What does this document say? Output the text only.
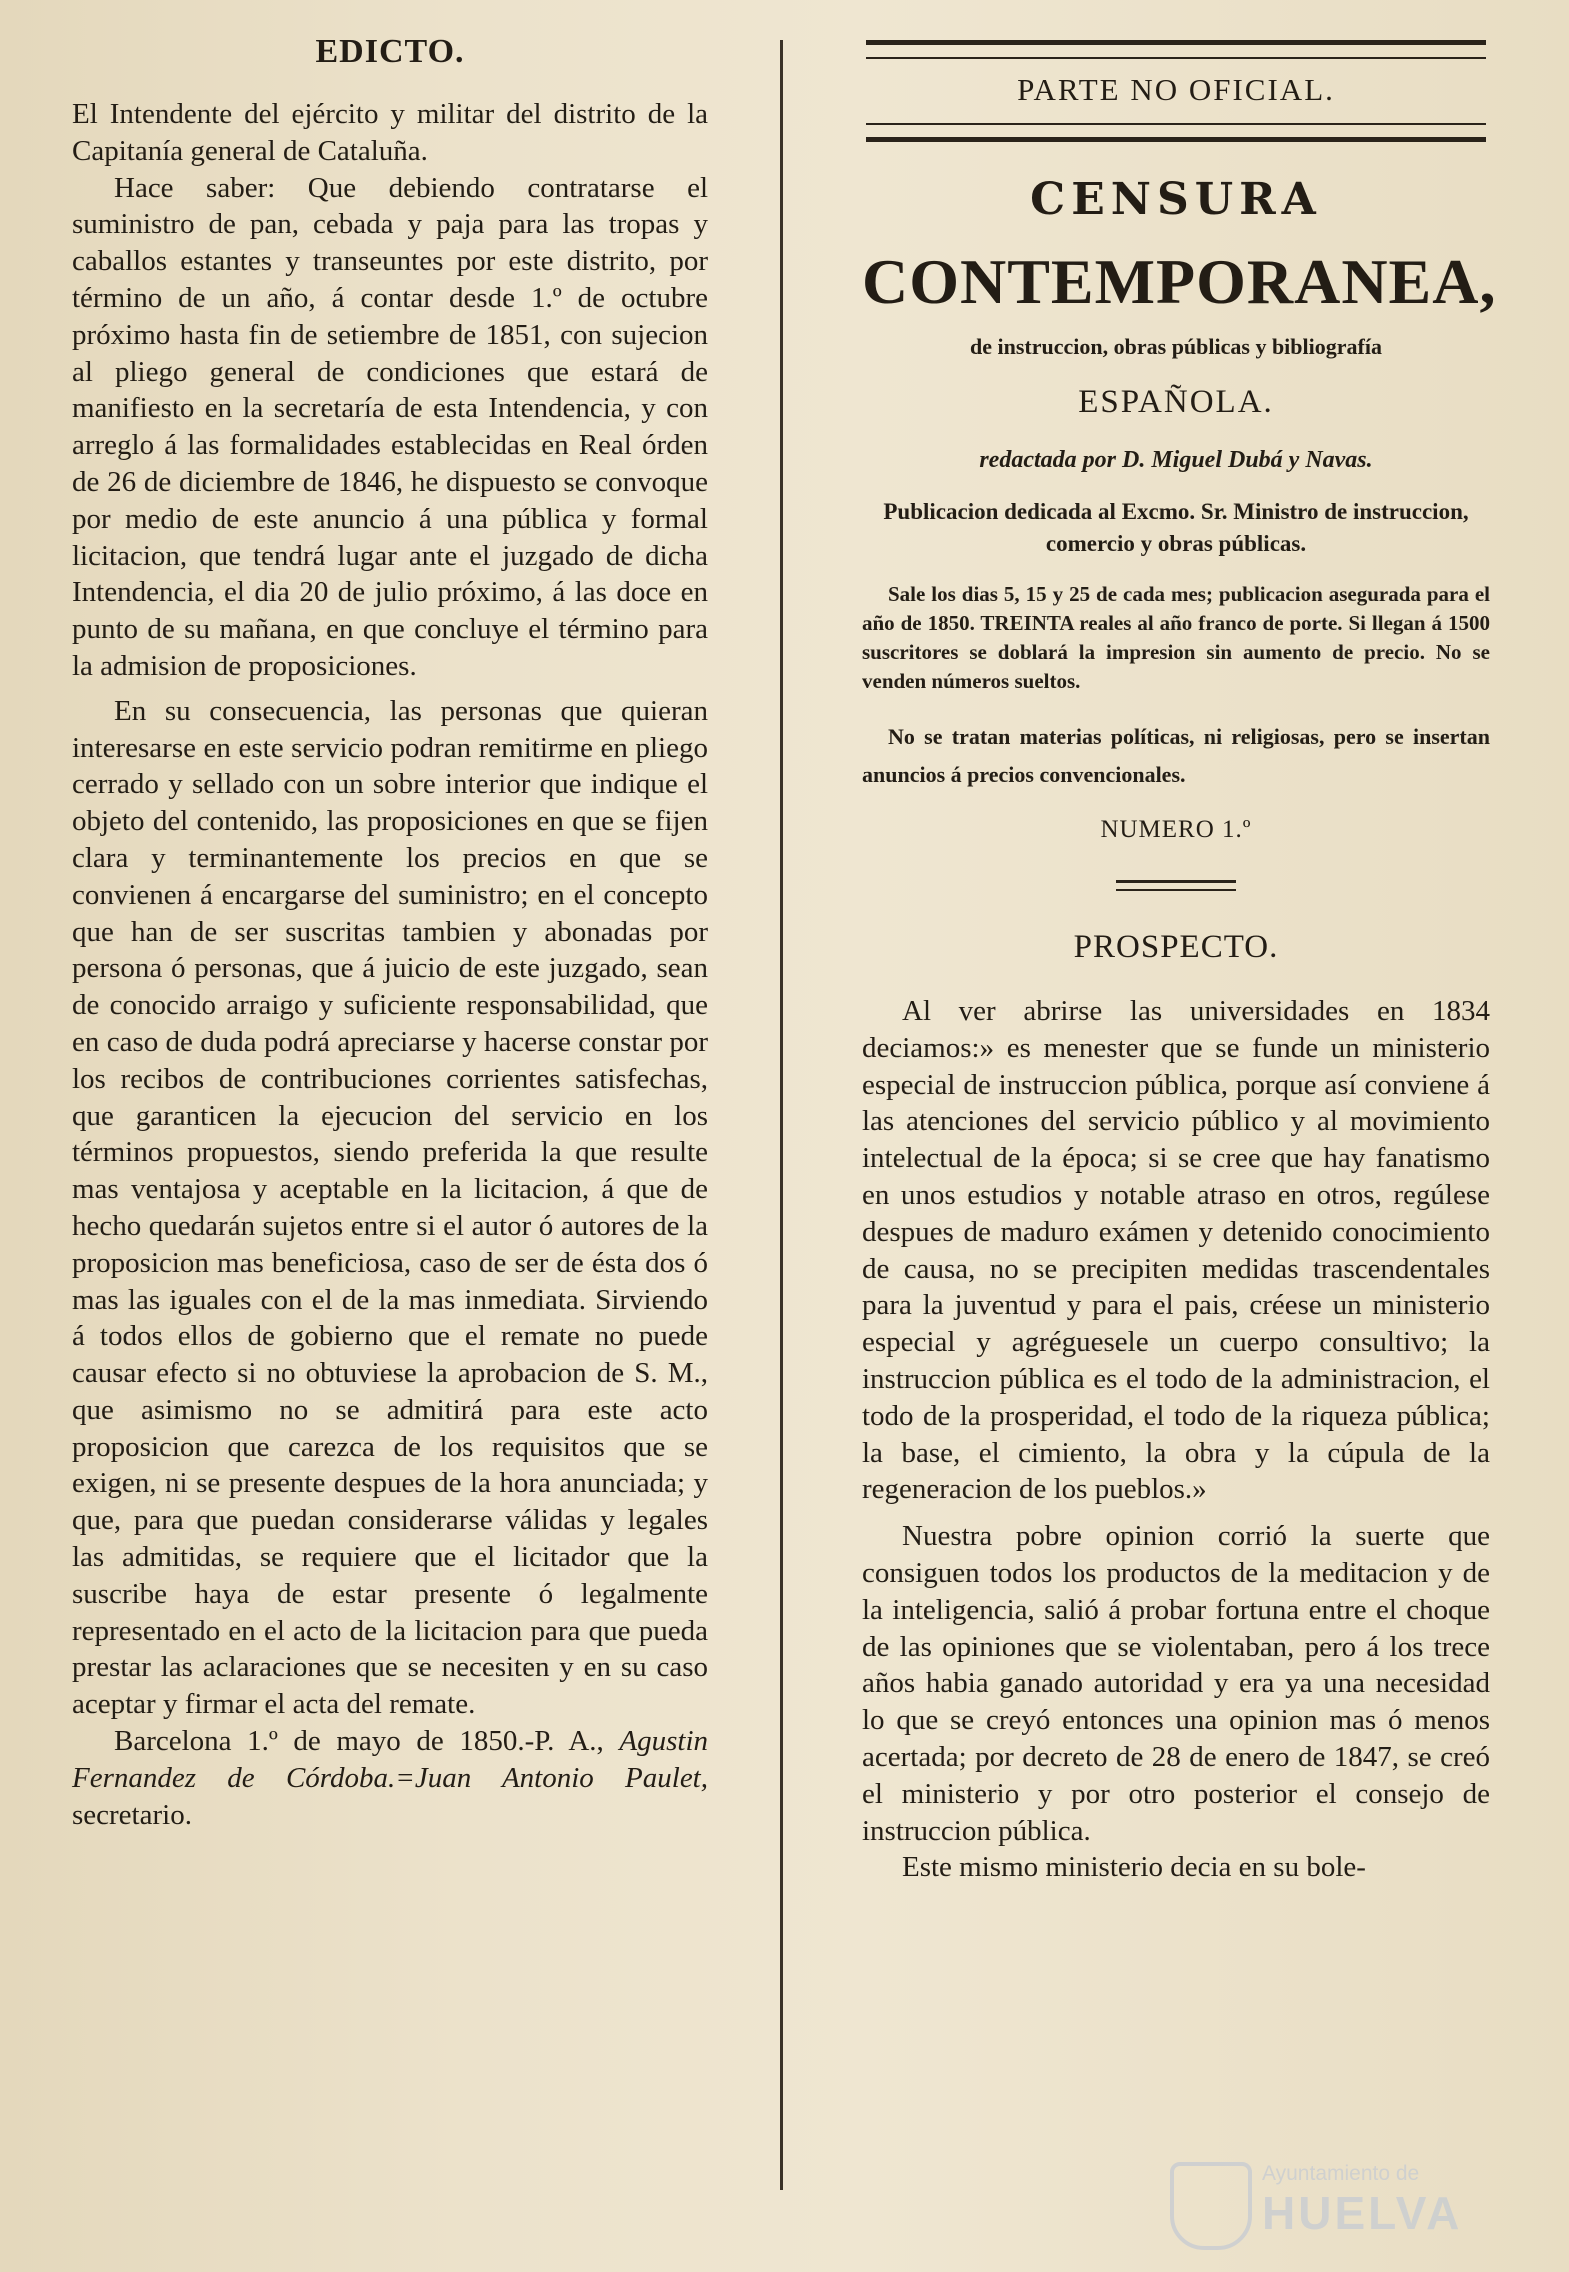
EDICTO.

El Intendente del ejército y militar del distrito de la Capitanía general de Cataluña.

Hace saber: Que debiendo contratarse el suministro de pan, cebada y paja para las tropas y caballos estantes y transeuntes por este distrito, por término de un año, á contar desde 1.º de octubre próximo hasta fin de setiembre de 1851, con sujecion al pliego general de condiciones que estará de manifiesto en la secretaría de esta Intendencia, y con arreglo á las formalidades establecidas en Real órden de 26 de diciembre de 1846, he dispuesto se convoque por medio de este anuncio á una pública y formal licitacion, que tendrá lugar ante el juzgado de dicha Intendencia, el dia 20 de julio próximo, á las doce en punto de su mañana, en que concluye el término para la admision de proposiciones.

En su consecuencia, las personas que quieran interesarse en este servicio podran remitirme en pliego cerrado y sellado con un sobre interior que indique el objeto del contenido, las proposiciones en que se fijen clara y terminantemente los precios en que se convienen á encargarse del suministro; en el concepto que han de ser suscritas tambien y abonadas por persona ó personas, que á juicio de este juzgado, sean de conocido arraigo y suficiente responsabilidad, que en caso de duda podrá apreciarse y hacerse constar por los recibos de contribuciones corrientes satisfechas, que garanticen la ejecucion del servicio en los términos propuestos, siendo preferida la que resulte mas ventajosa y aceptable en la licitacion, á que de hecho quedarán sujetos entre si el autor ó autores de la proposicion mas beneficiosa, caso de ser de ésta dos ó mas las iguales con el de la mas inmediata. Sirviendo á todos ellos de gobierno que el remate no puede causar efecto si no obtuviese la aprobacion de S. M., que asimismo no se admitirá para este acto proposicion que carezca de los requisitos que se exigen, ni se presente despues de la hora anunciada; y que, para que puedan considerarse válidas y legales las admitidas, se requiere que el licitador que la suscribe haya de estar presente ó legalmente representado en el acto de la licitacion para que pueda prestar las aclaraciones que se necesiten y en su caso aceptar y firmar el acta del remate.

Barcelona 1.º de mayo de 1850.-P. A., Agustin Fernandez de Córdoba.=Juan Antonio Paulet, secretario.

PARTE NO OFICIAL.
CENSURA
CONTEMPORANEA,
de instruccion, obras públicas y bibliografía
ESPAÑOLA.
redactada por D. Miguel Dubá y Navas.
Publicacion dedicada al Excmo. Sr. Ministro de instruccion, comercio y obras públicas.
Sale los dias 5, 15 y 25 de cada mes; publicacion asegurada para el año de 1850. TREINTA reales al año franco de porte. Si llegan á 1500 suscritores se doblará la impresion sin aumento de precio. No se venden números sueltos.
No se tratan materias políticas, ni religiosas, pero se insertan anuncios á precios convencionales.
NUMERO 1.º
PROSPECTO.

Al ver abrirse las universidades en 1834 deciamos:» es menester que se funde un ministerio especial de instruccion pública, porque así conviene á las atenciones del servicio público y al movimiento intelectual de la época; si se cree que hay fanatismo en unos estudios y notable atraso en otros, regúlese despues de maduro exámen y detenido conocimiento de causa, no se precipiten medidas trascendentales para la juventud y para el pais, créese un ministerio especial y agréguesele un cuerpo consultivo; la instruccion pública es el todo de la administracion, el todo de la prosperidad, el todo de la riqueza pública; la base, el cimiento, la obra y la cúpula de la regeneracion de los pueblos.»

Nuestra pobre opinion corrió la suerte que consiguen todos los productos de la meditacion y de la inteligencia, salió á probar fortuna entre el choque de las opiniones que se violentaban, pero á los trece años habia ganado autoridad y era ya una necesidad lo que se creyó entonces una opinion mas ó menos acertada; por decreto de 28 de enero de 1847, se creó el ministerio y por otro posterior el consejo de instruccion pública.

Este mismo ministerio decia en su bole-

Ayuntamiento de
HUELVA
